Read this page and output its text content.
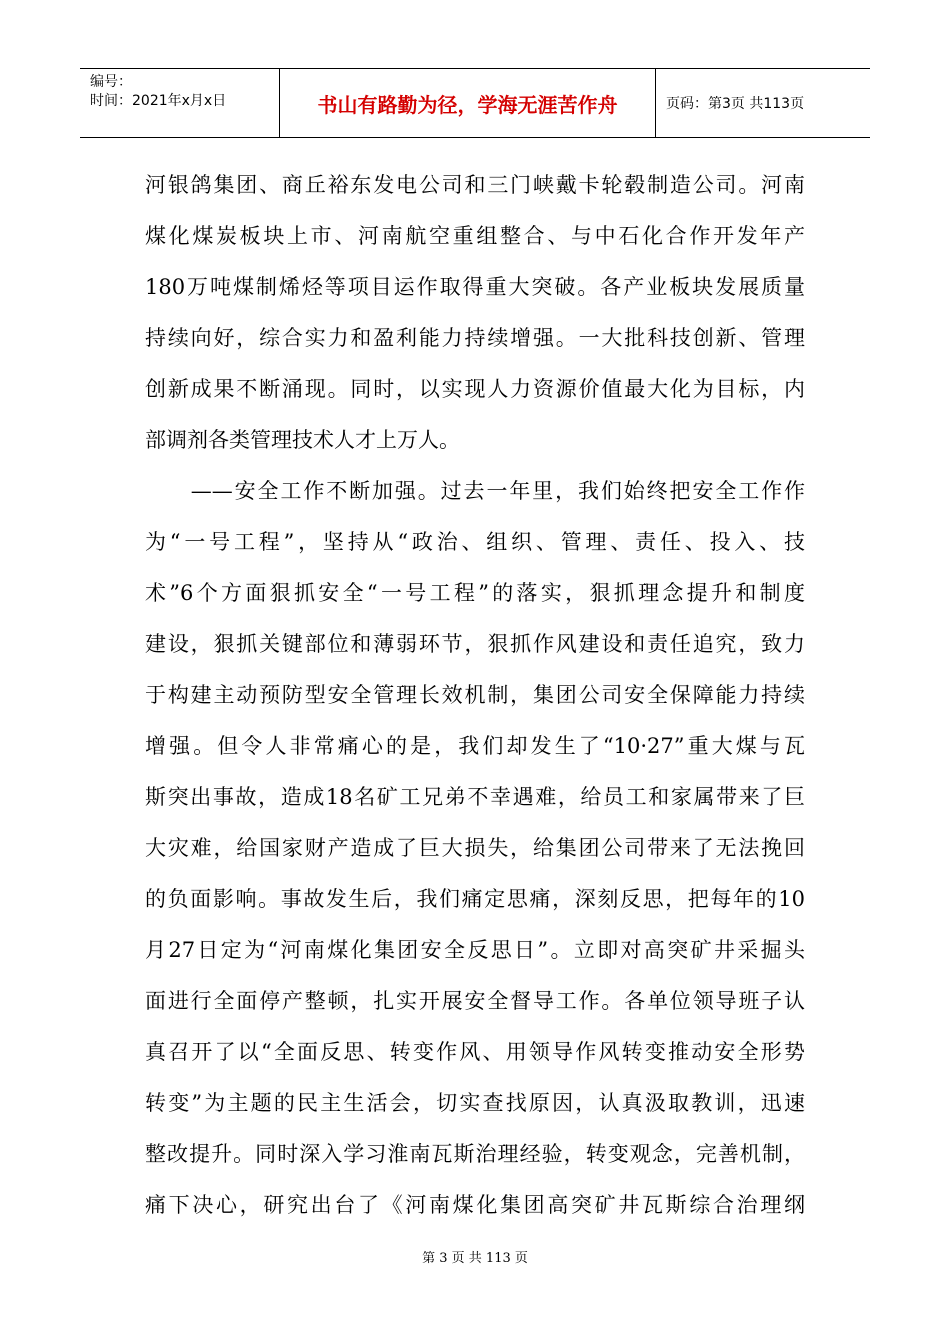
编号：
时间：2021年x月x日	书山有路勤为径，学海无涯苦作舟	页码：第3页 共113页
河银鸽集团、商丘裕东发电公司和三门峡戴卡轮毂制造公司。河南
煤化煤炭板块上市、河南航空重组整合、与中石化合作开发年产
180万吨煤制烯烃等项目运作取得重大突破。各产业板块发展质量
持续向好，综合实力和盈利能力持续增强。一大批科技创新、管理
创新成果不断涌现。同时，以实现人力资源价值最大化为目标，内
部调剂各类管理技术人才上万人。
　　——安全工作不断加强。过去一年里，我们始终把安全工作作
为“一号工程”，坚持从“政治、组织、管理、责任、投入、技
术”6个方面狠抓安全“一号工程”的落实，狠抓理念提升和制度
建设，狠抓关键部位和薄弱环节，狠抓作风建设和责任追究，致力
于构建主动预防型安全管理长效机制，集团公司安全保障能力持续
增强。但令人非常痛心的是，我们却发生了“10·27”重大煤与瓦
斯突出事故，造成18名矿工兄弟不幸遇难，给员工和家属带来了巨
大灾难，给国家财产造成了巨大损失，给集团公司带来了无法挽回
的负面影响。事故发生后，我们痛定思痛，深刻反思，把每年的10
月27日定为“河南煤化集团安全反思日”。立即对高突矿井采掘头
面进行全面停产整顿，扎实开展安全督导工作。各单位领导班子认
真召开了以“全面反思、转变作风、用领导作风转变推动安全形势
转变”为主题的民主生活会，切实查找原因，认真汲取教训，迅速
整改提升。同时深入学习淮南瓦斯治理经验，转变观念，完善机制，
痛下决心，研究出台了《河南煤化集团高突矿井瓦斯综合治理纲
第 3 页 共 113 页
